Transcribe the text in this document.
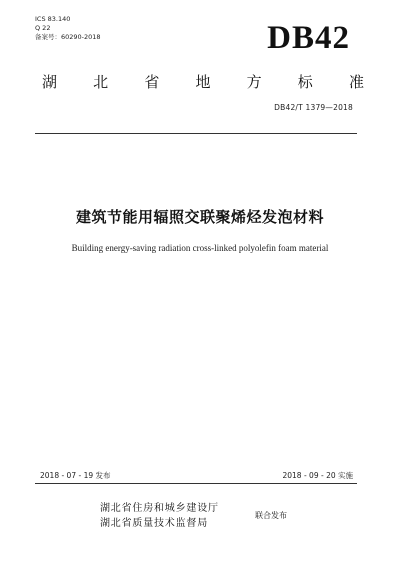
ICS 83.140
Q 22
备案号：60290-2018	DB42
湖 北 省 地 方 标 准
DB42/T 1379—2018
建筑节能用辐照交联聚烯烃发泡材料
Building energy-saving radiation cross-linked polyolefin foam material
2018 - 07 - 19 发布	2018 - 09 - 20 实施
湖北省住房和城乡建设厅
湖北省质量技术监督局
联合发布
